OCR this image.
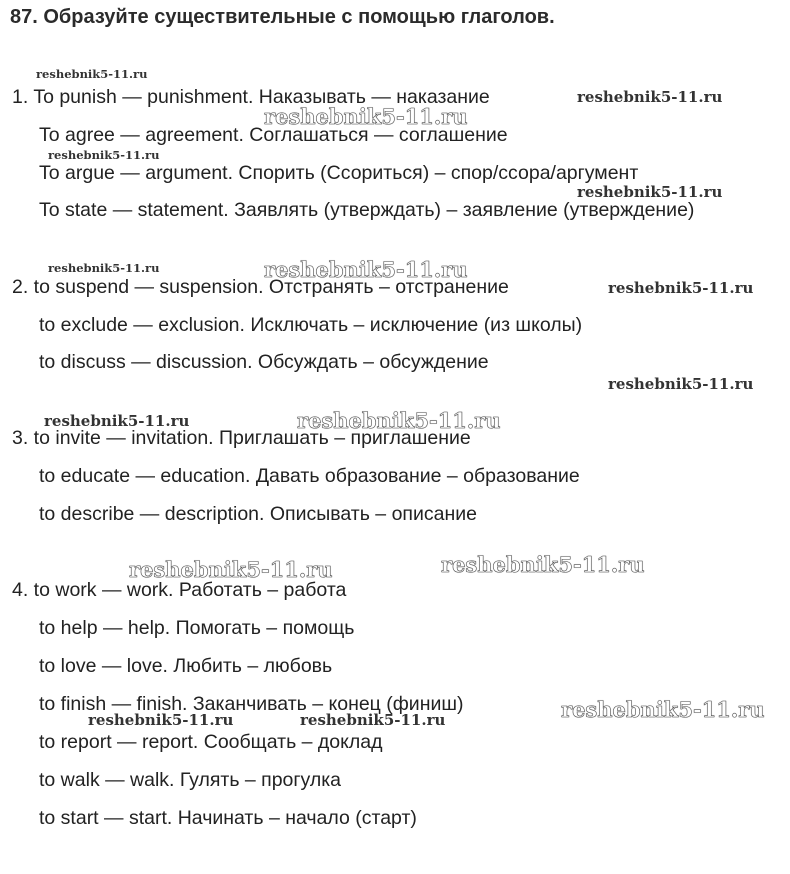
87. Образуйте существительные с помощью глаголов.
1. To punish — punishment. Наказывать — наказание
To agree — agreement. Соглашаться — соглашение
To argue — argument. Спорить (Ссориться) – спор/ссора/аргумент
To state — statement. Заявлять (утверждать) – заявление (утверждение)
2. to suspend — suspension. Отстранять – отстранение
to exclude — exclusion. Исключать – исключение (из школы)
to discuss — discussion. Обсуждать – обсуждение
3. to invite — invitation. Приглашать – приглашение
to educate — education. Давать образование – образование
to describe — description. Описывать – описание
4. to work — work. Работать – работа
to help — help. Помогать – помощь
to love — love. Любить – любовь
to finish — finish. Заканчивать – конец (финиш)
to report — report. Сообщать – доклад
to walk — walk. Гулять – прогулка
to start — start. Начинать – начало (старт)
reshebnik5-11.ru
reshebnik5-11.ru
reshebnik5-11.ru
reshebnik5-11.ru
reshebnik5-11.ru
reshebnik5-11.ru	reshebnik5-11.ru
reshebnik5-11.ru
reshebnik5-11.ru
reshebnik5-11.ru	reshebnik5-11.ru
reshebnik5-11.ru	reshebnik5-11.ru
reshebnik5-11.ru
reshebnik5-11.ru	reshebnik5-11.ru
